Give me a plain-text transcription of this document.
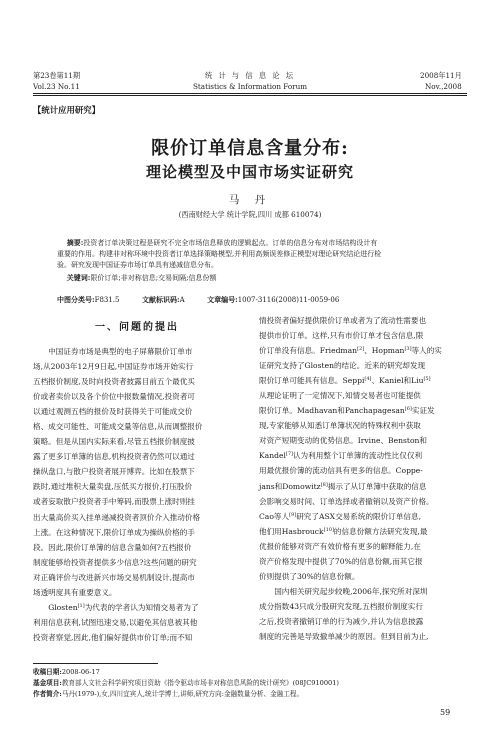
第23卷第11期
Vol.23 No.11
统 计 与 信 息 论 坛
Statistics & Information Forum
2008年11月
Nov.,2008
【统计应用研究】
限价订单信息含量分布:
理论模型及中国市场实证研究
马 丹
(西南财经大学 统计学院,四川 成都 610074)
摘要:投资者订单决策过程是研究不完全市场信息释放的逻辑起点。订单的信息分布对市场结构设计有
重要的作用。构建非对称环境中投资者订单选择策略模型,并利用高频误差修正模型对理论研究结论进行检
验。研究发现中国证券市场订单具有递减信息分布。
关键词:限价订单;非对称信息;交易间隔;信息份额
中图分类号:F831.5	文献标识码:A	文章编号:1007-3116(2008)11-0059-06
一、问题的提出
中国证券市场是典型的电子屏幕限价订单市
场,从2003年12月9日起,中国证券市场开始实行
五档报价制度,及时向投资者披露目前五个最优买
价或者卖价以及各个价位中报数量情况,投资者可
以通过观测五档的报价及时获得关于可能成交价
格、成交可能性、可能成交量等信息,从而调整报价
策略。但是从国内实际来看,尽管五档报价制度披
露了更多订单簿的信息,机构投资者仍然可以通过
操纵盘口,与散户投资者展开博弈。比如在股票下
跌时,通过堆积大量卖盘,压低买方报价,打压股价
或者妄取散户投资者手中筹码,而股票上涨时则挂
出大量高价买入挂单递减投资者顶价介入推动价格
上涨。在这种情况下,限价订单成为操纵价格的手
段。因此,限价订单簿的信息含量如何?五档报价
制度能够给投资者提供多少信息?这些问题的研究
对正确评价与改进新兴市场交易机制设计,提高市
场透明度具有重要意义。
Glosten[1]为代表的学者认为知情交易者为了
利用信息获利,试图迅速交易,以避免其信息被其他
投资者察觉,因此,他们偏好提供市价订单;而不知
情投资者偏好提供限价订单或者为了流动性需要也
提供市价订单。这样,只有市价订单才包含信息,限
价订单没有信息。Friedman[2]、Hopman[3]等人的实
证研究支持了Glosten的结论。近来的研究却发现
限价订单可能具有信息。Seppi[4]、Kaniel和Liu[5]
从理论证明了一定情况下,知情交易者也可能提供
限价订单。Madhavan和Panchapagesan[6]实证发
现,专家能够从知悉订单簿状况的特殊权利中获取
对资产短期变动的优势信息。Irvine、Benston和
Kandel[7]认为利用整个订单簿的流动性比仅仅利
用最优报价簿的流动信具有更多的信息。Coppe-
jans和Domowitz[8]揭示了从订单簿中获取的信息
会影响交易时间、订单选择或者撤销以及资产价格。
Cao等人[9]研究了ASX交易系统的限价订单信息,
他们用Hasbrouck[10]的信息份额方法研究发现,最
优报价能够对资产有效价格有更多的解释能力,在
资产价格发现中提供了70%的信息份额,而其它报
价则提供了30%的信息份额。
国内相关研究起步较晚,2006年,探究所对深圳
成分指数43只成分股研究发现,五档报价制度实行
之后,投资者撤销订单的行为减少,并认为信息披露
制度的完善是导致撤单减少的原因。但到目前为止,
收稿日期:2008-06-17
基金项目:教育部人文社会科学研究项目资助《指令驱动市场非对称信息风险的统计研究》(08JC910001)
作者简介:马丹(1979-),女,四川宜宾人,统计学博士,讲师,研究方向:金融数量分析、金融工程。
59
